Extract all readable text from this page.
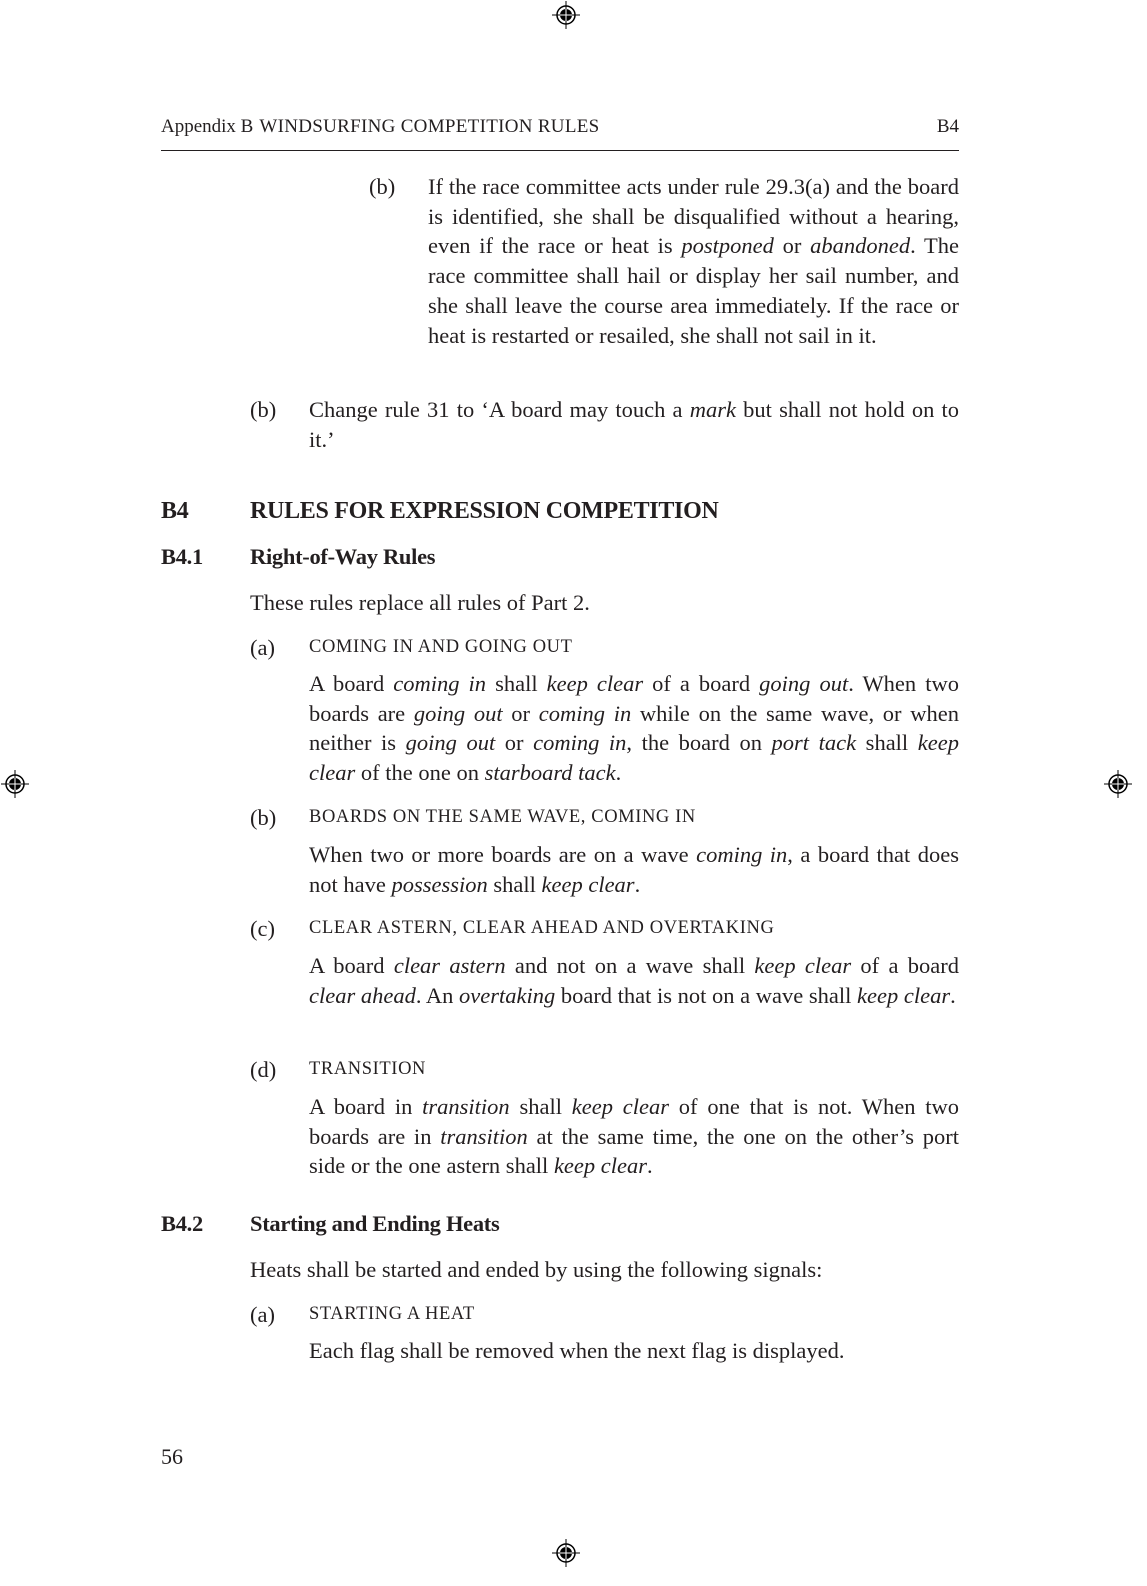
Appendix B WINDSURFING COMPETITION RULES	B4
(b) If the race committee acts under rule 29.3(a) and the board is identified, she shall be disqualified without a hearing, even if the race or heat is postponed or abandoned. The race committee shall hail or display her sail number, and she shall leave the course area immediately. If the race or heat is restarted or resailed, she shall not sail in it.
(b) Change rule 31 to ‘A board may touch a mark but shall not hold on to it.’
B4	RULES FOR EXPRESSION COMPETITION
B4.1 Right-of-Way Rules
These rules replace all rules of Part 2.
(a) COMING IN AND GOING OUT
A board coming in shall keep clear of a board going out. When two boards are going out or coming in while on the same wave, or when neither is going out or coming in, the board on port tack shall keep clear of the one on starboard tack.
(b) BOARDS ON THE SAME WAVE, COMING IN
When two or more boards are on a wave coming in, a board that does not have possession shall keep clear.
(c) CLEAR ASTERN, CLEAR AHEAD AND OVERTAKING
A board clear astern and not on a wave shall keep clear of a board clear ahead. An overtaking board that is not on a wave shall keep clear.
(d) TRANSITION
A board in transition shall keep clear of one that is not. When two boards are in transition at the same time, the one on the other’s port side or the one astern shall keep clear.
B4.2 Starting and Ending Heats
Heats shall be started and ended by using the following signals:
(a) STARTING A HEAT
Each flag shall be removed when the next flag is displayed.
56
